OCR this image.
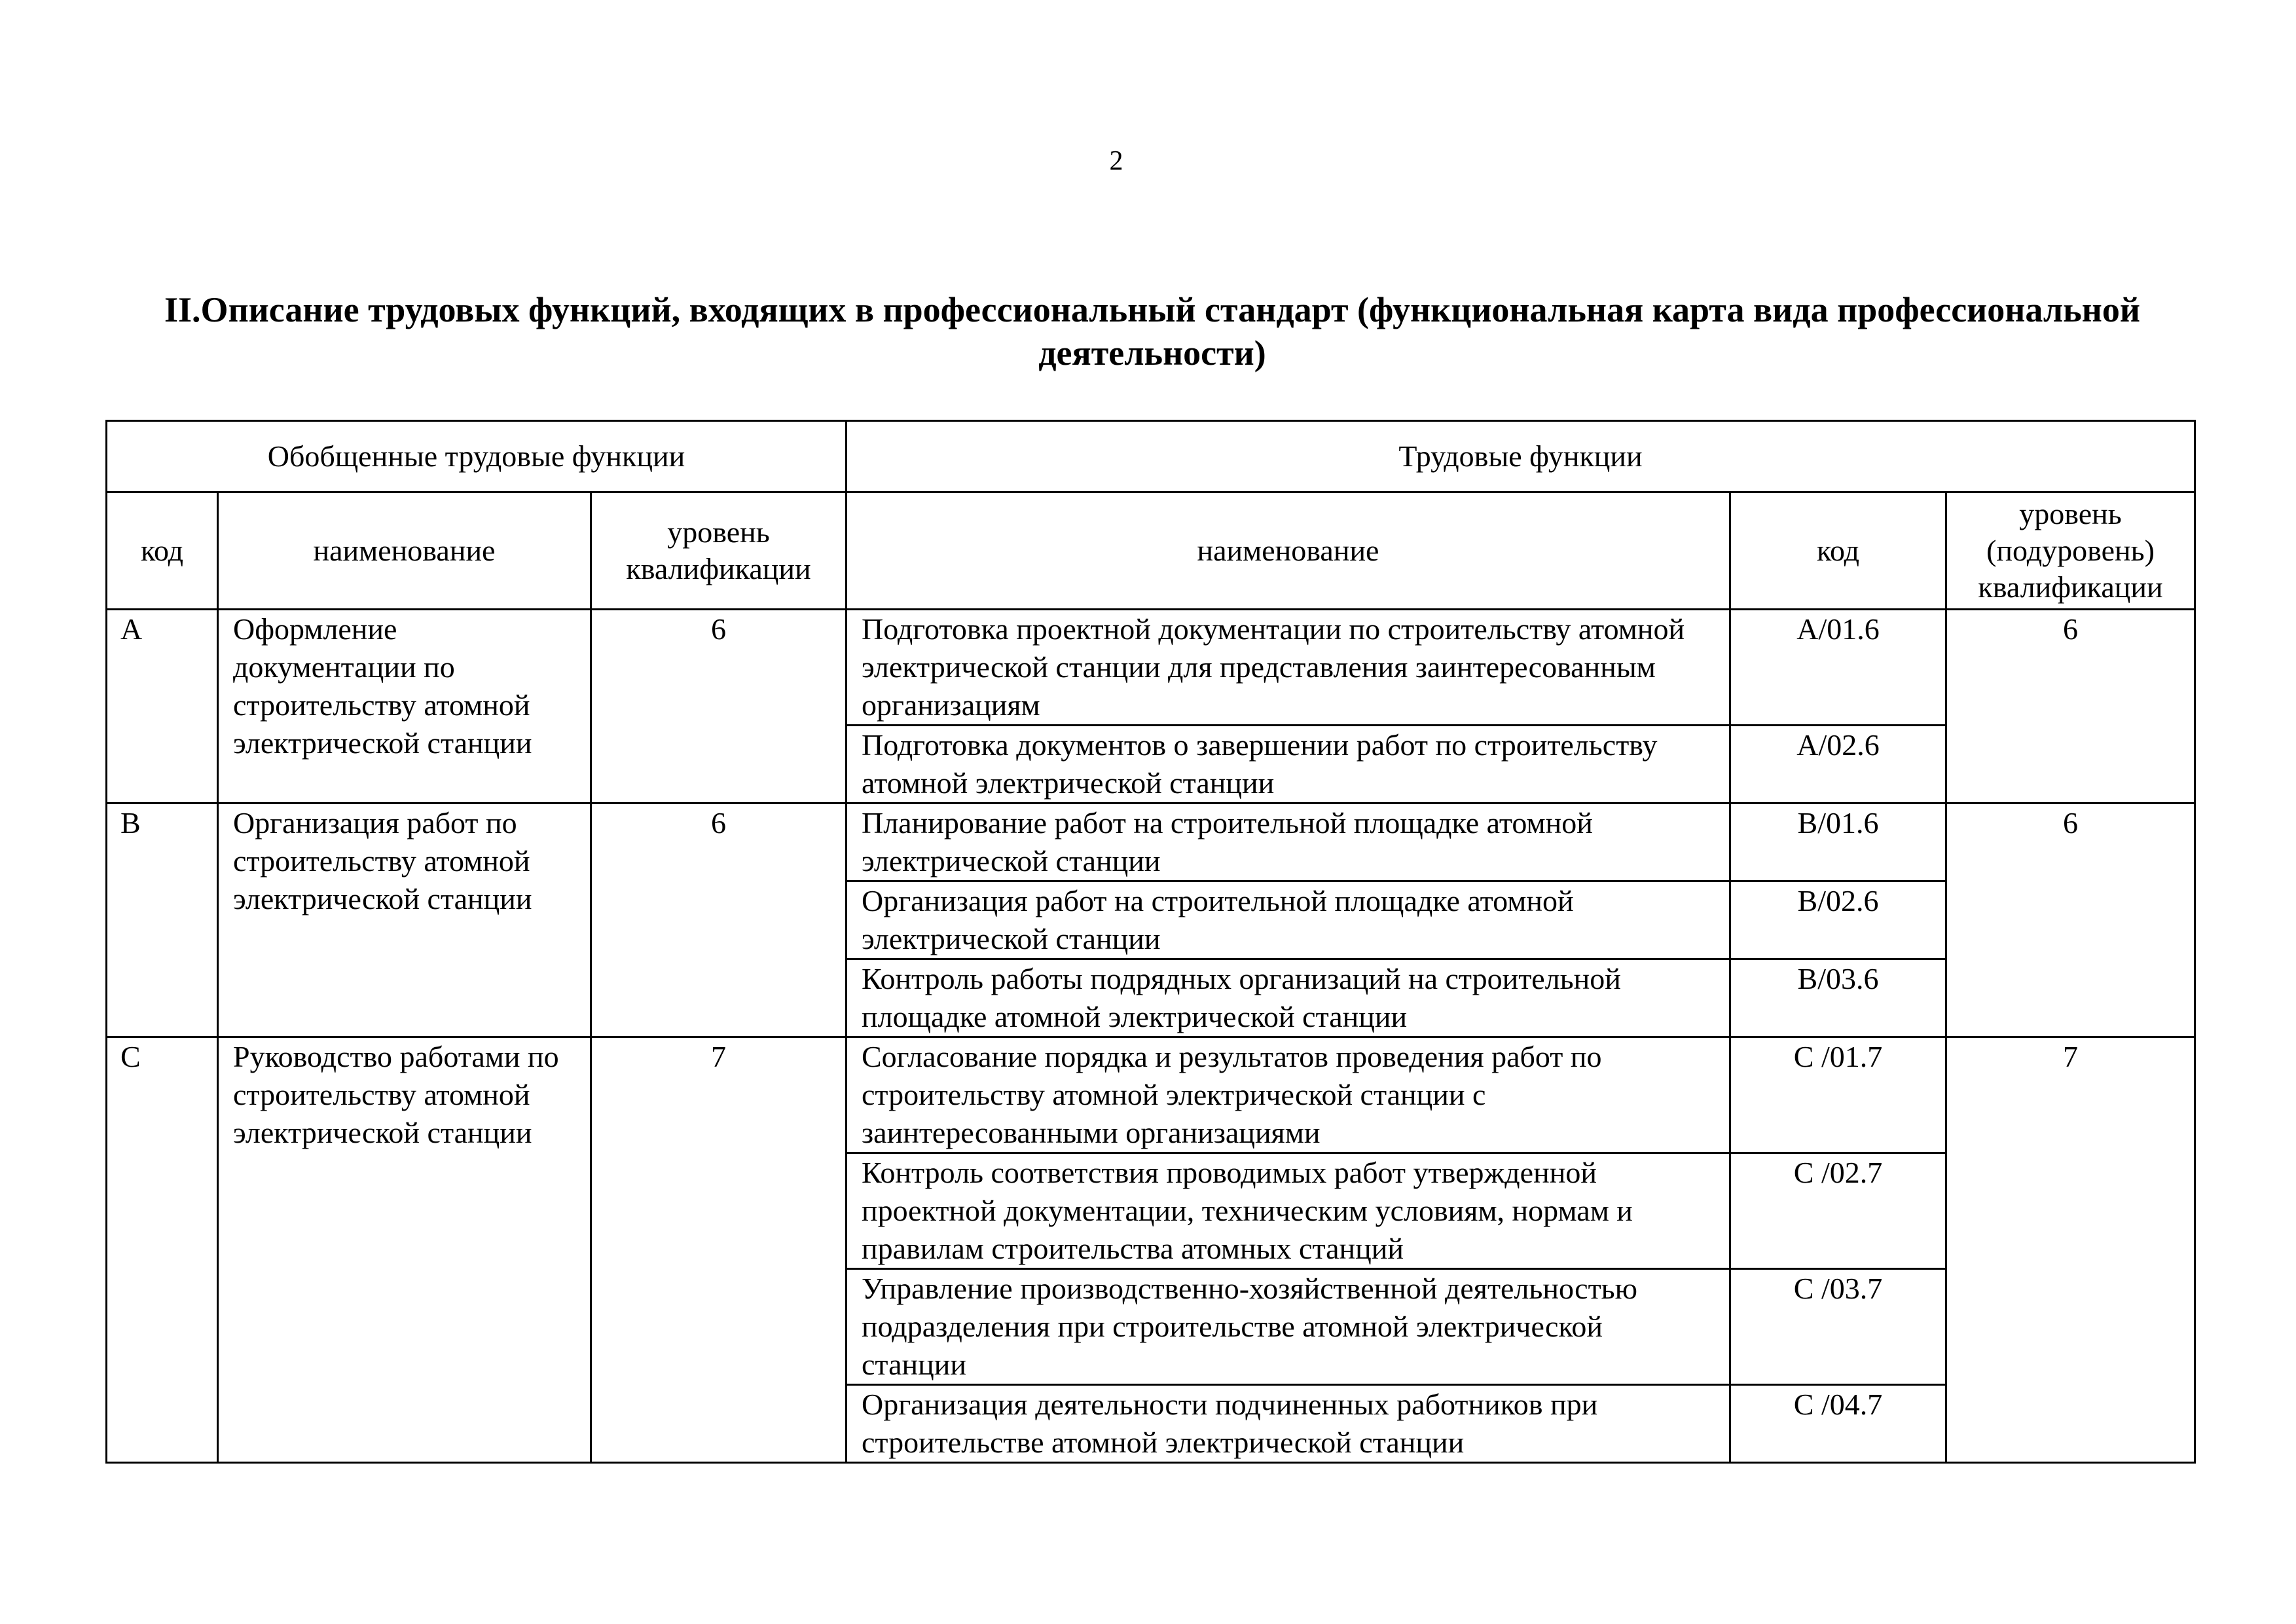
2
II.Описание трудовых функций, входящих в профессиональный стандарт (функциональная карта вида профессиональной деятельности)
Обобщенные трудовые функции			Трудовые функции		
код	наименование	уровень квалификации	наименование	код	уровень (подуровень) квалификации
A	Оформление документации по строительству атомной электрической станции	6	Подготовка проектной документации по строительству атомной электрической станции для представления заинтересованным организациям	А/01.6	6
			Подготовка документов о завершении работ по строительству атомной электрической станции	А/02.6	
B	Организация работ по строительству атомной электрической станции	6	Планирование работ на строительной площадке атомной электрической станции	В/01.6	6
			Организация работ на строительной площадке атомной электрической станции	В/02.6	
			Контроль работы подрядных организаций на строительной площадке атомной электрической станции	В/03.6	
C	Руководство работами по строительству атомной электрической станции	7	Согласование порядка и результатов проведения работ по строительству атомной электрической станции с заинтересованными организациями	С /01.7	7
			Контроль соответствия проводимых работ утвержденной проектной документации, техническим условиям, нормам и правилам строительства атомных станций	С /02.7	
			Управление производственно-хозяйственной деятельностью подразделения при строительстве атомной электрической станции	С /03.7	
			Организация деятельности подчиненных работников при строительстве атомной электрической станции	С /04.7	
